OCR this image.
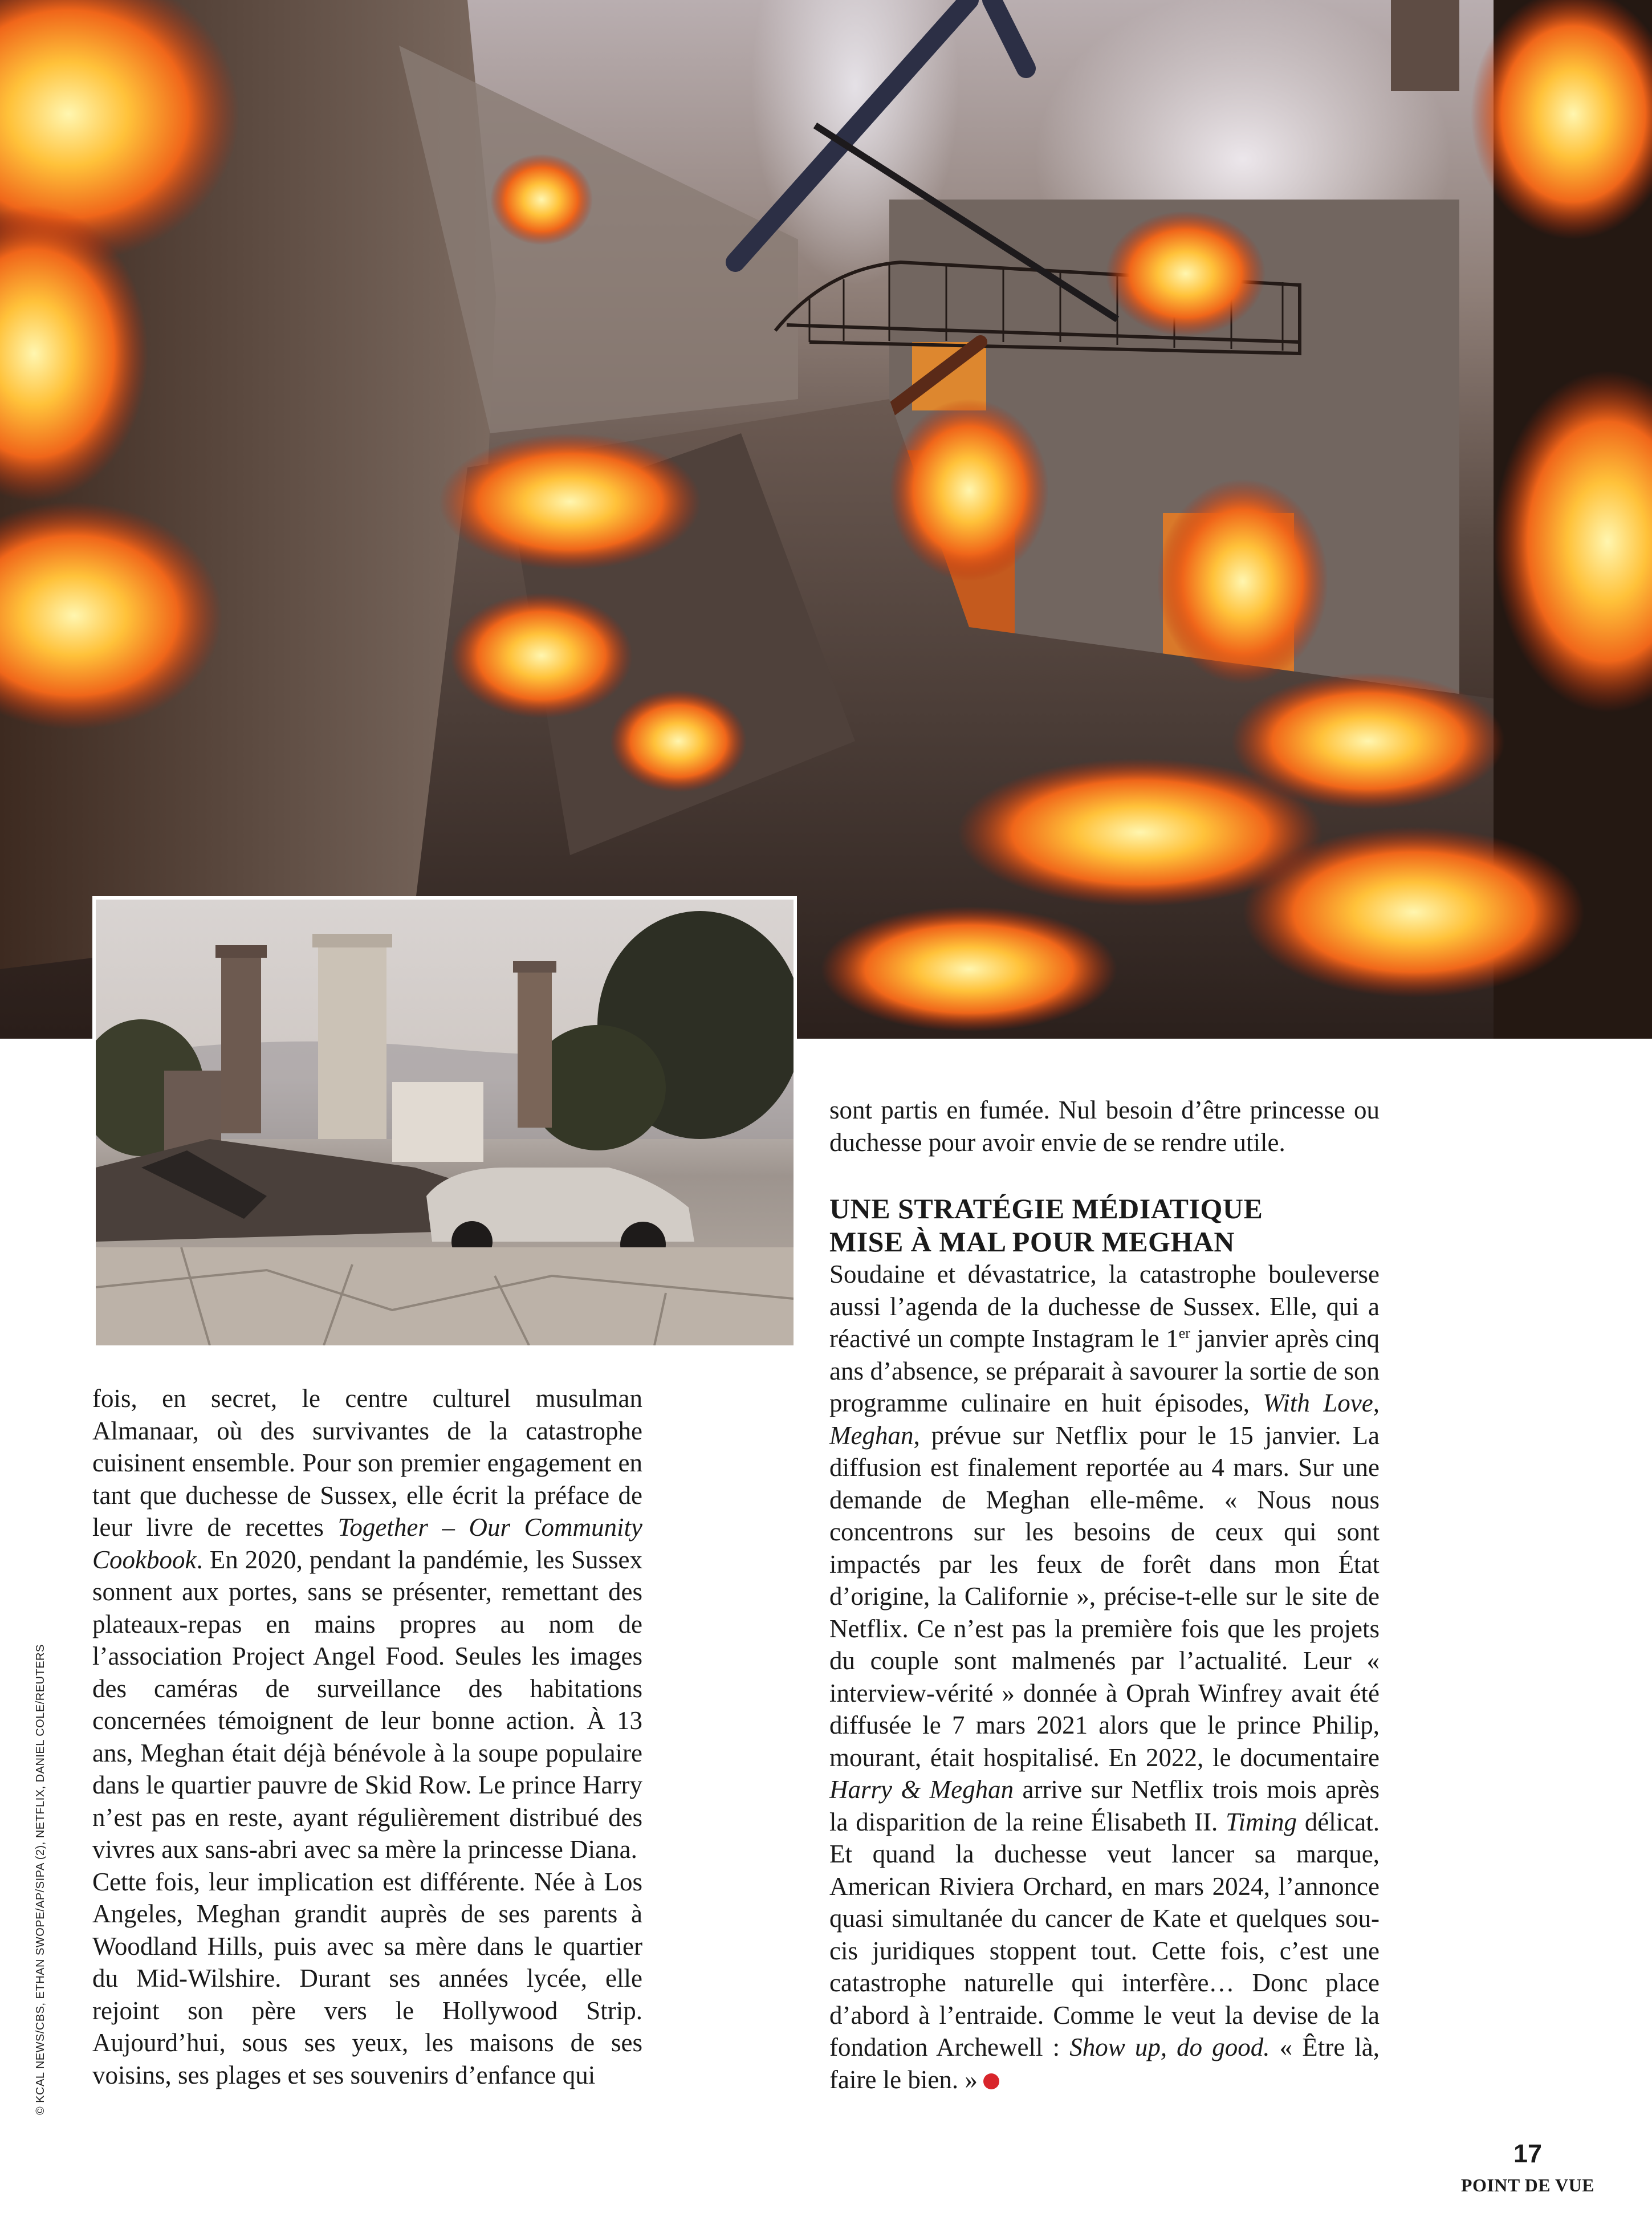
fois, en secret, le centre culturel musulman Almanaar, où des survivantes de la catastrophe cuisinent ensemble. Pour son premier engagement en tant que duchesse de Sussex, elle écrit la préface de leur livre de recettes Together – Our Community Cookbook. En 2020, pendant la pandémie, les Sussex sonnent aux portes, sans se présenter, remettant des plateaux-repas en mains propres au nom de l’association Project Angel Food. Seules les images des caméras de surveillance des habitations concernées témoignent de leur bonne action. À 13 ans, Meghan était déjà bénévole à la soupe populaire dans le quartier pauvre de Skid Row. Le prince Harry n’est pas en reste, ayant régulièrement distribué des vivres aux sans-abri avec sa mère la princesse Diana.

Cette fois, leur implication est différente. Née à Los Angeles, Meghan grandit auprès de ses parents à Woodland Hills, puis avec sa mère dans le quartier du Mid-Wilshire. Durant ses années lycée, elle rejoint son père vers le Hollywood Strip. Aujourd’hui, sous ses yeux, les maisons de ses voisins, ses plages et ses souvenirs d’enfance qui

sont partis en fumée. Nul besoin d’être princesse ou duchesse pour avoir envie de se rendre utile.

UNE STRATÉGIE MÉDIATIQUE
MISE À MAL POUR MEGHAN

Soudaine et dévastatrice, la catastrophe bouleverse aussi l’agenda de la duchesse de Sussex. Elle, qui a réactivé un compte Instagram le 1er janvier après cinq ans d’absence, se préparait à savourer la sortie de son programme culinaire en huit épisodes, With Love, Meghan, prévue sur Netflix pour le 15 janvier. La diffusion est finalement reportée au 4 mars. Sur une demande de Meghan elle-même. « Nous nous concentrons sur les besoins de ceux qui sont impactés par les feux de forêt dans mon État d’origine, la Californie », précise-t-elle sur le site de Netflix. Ce n’est pas la première fois que les projets du couple sont malmenés par l’actualité. Leur « interview-vérité » donnée à Oprah Winfrey avait été diffusée le 7 mars 2021 alors que le prince Philip, mourant, était hospitalisé. En 2022, le documentaire Harry & Meghan arrive sur Netflix trois mois après la disparition de la reine Élisabeth II. Timing délicat. Et quand la duchesse veut lancer sa marque, American Riviera Orchard, en mars 2024, l’annonce quasi simultanée du cancer de Kate et quelques soucis juridiques stoppent tout. Cette fois, c’est une catastrophe naturelle qui interfère… Donc place d’abord à l’entraide. Comme le veut la devise de la fondation Archewell : Show up, do good. « Être là, faire le bien. »

© KCAL NEWS/CBS, ETHAN SWOPE/AP/SIPA (2), NETFLIX, DANIEL COLE/REUTERS
17
POINT DE VUE
